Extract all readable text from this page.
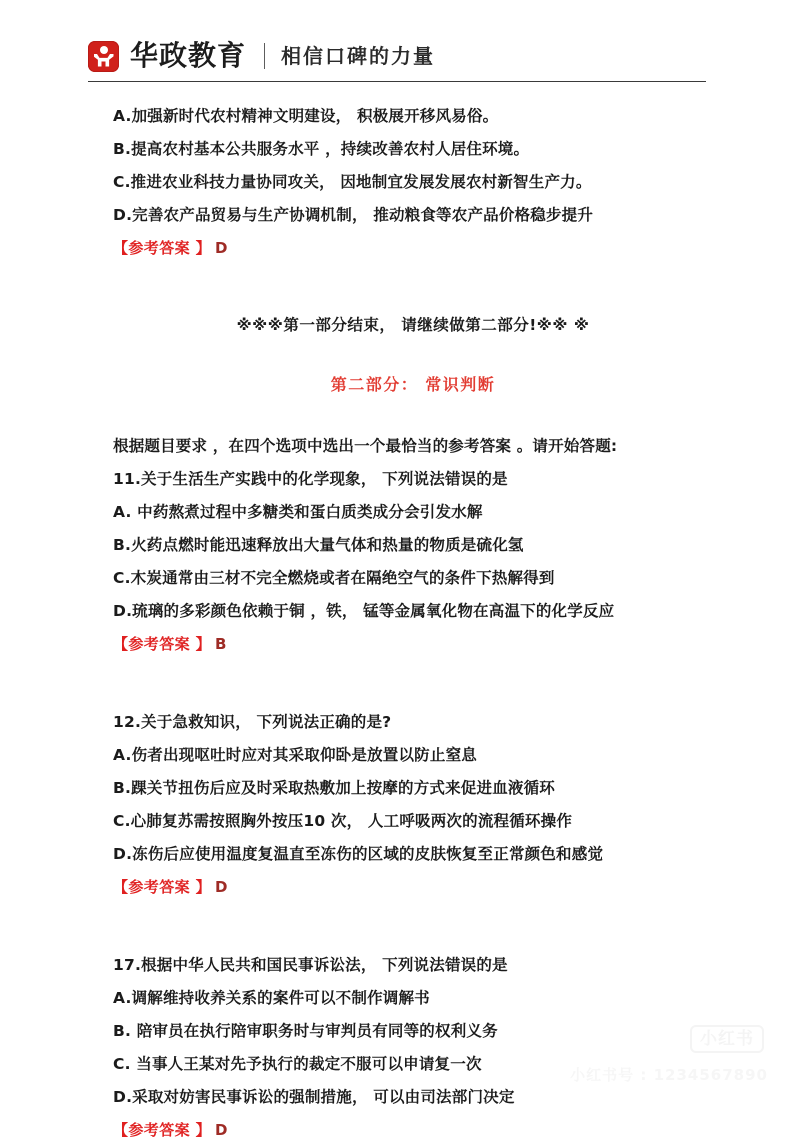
华政教育 相信口碑的力量
A.加强新时代农村精神文明建设， 积极展开移风易俗。
B.提高农村基本公共服务水平 ，持续改善农村人居住环境。
C.推进农业科技力量协同攻关， 因地制宜发展发展农村新智生产力。
D.完善农产品贸易与生产协调机制， 推动粮食等农产品价格稳步提升
【参考答案 】 D
※※※第一部分结束， 请继续做第二部分!※※ ※
第二部分： 常识判断
根据题目要求 ，在四个选项中选出一个最恰当的参考答案 。请开始答题:
11.关于生活生产实践中的化学现象， 下列说法错误的是
A. 中药熬煮过程中多糖类和蛋白质类成分会引发水解
B.火药点燃时能迅速释放出大量气体和热量的物质是硫化氢
C.木炭通常由三材不完全燃烧或者在隔绝空气的条件下热解得到
D.琉璃的多彩颜色依赖于铜 ，铁， 锰等金属氧化物在高温下的化学反应
【参考答案 】 B
12.关于急救知识， 下列说法正确的是?
A.伤者出现呕吐时应对其采取仰卧是放置以防止窒息
B.踝关节扭伤后应及时采取热敷加上按摩的方式来促进血液循环
C.心肺复苏需按照胸外按压10 次， 人工呼吸两次的流程循环操作
D.冻伤后应使用温度复温直至冻伤的区域的皮肤恢复至正常颜色和感觉
【参考答案 】 D
17.根据中华人民共和国民事诉讼法， 下列说法错误的是
A.调解维持收养关系的案件可以不制作调解书
B. 陪审员在执行陪审职务时与审判员有同等的权利义务
C. 当事人王某对先予执行的裁定不服可以申请复一次
D.采取对妨害民事诉讼的强制措施， 可以由司法部门决定
【参考答案 】 D
小红书
小红书号 : 1234567890
